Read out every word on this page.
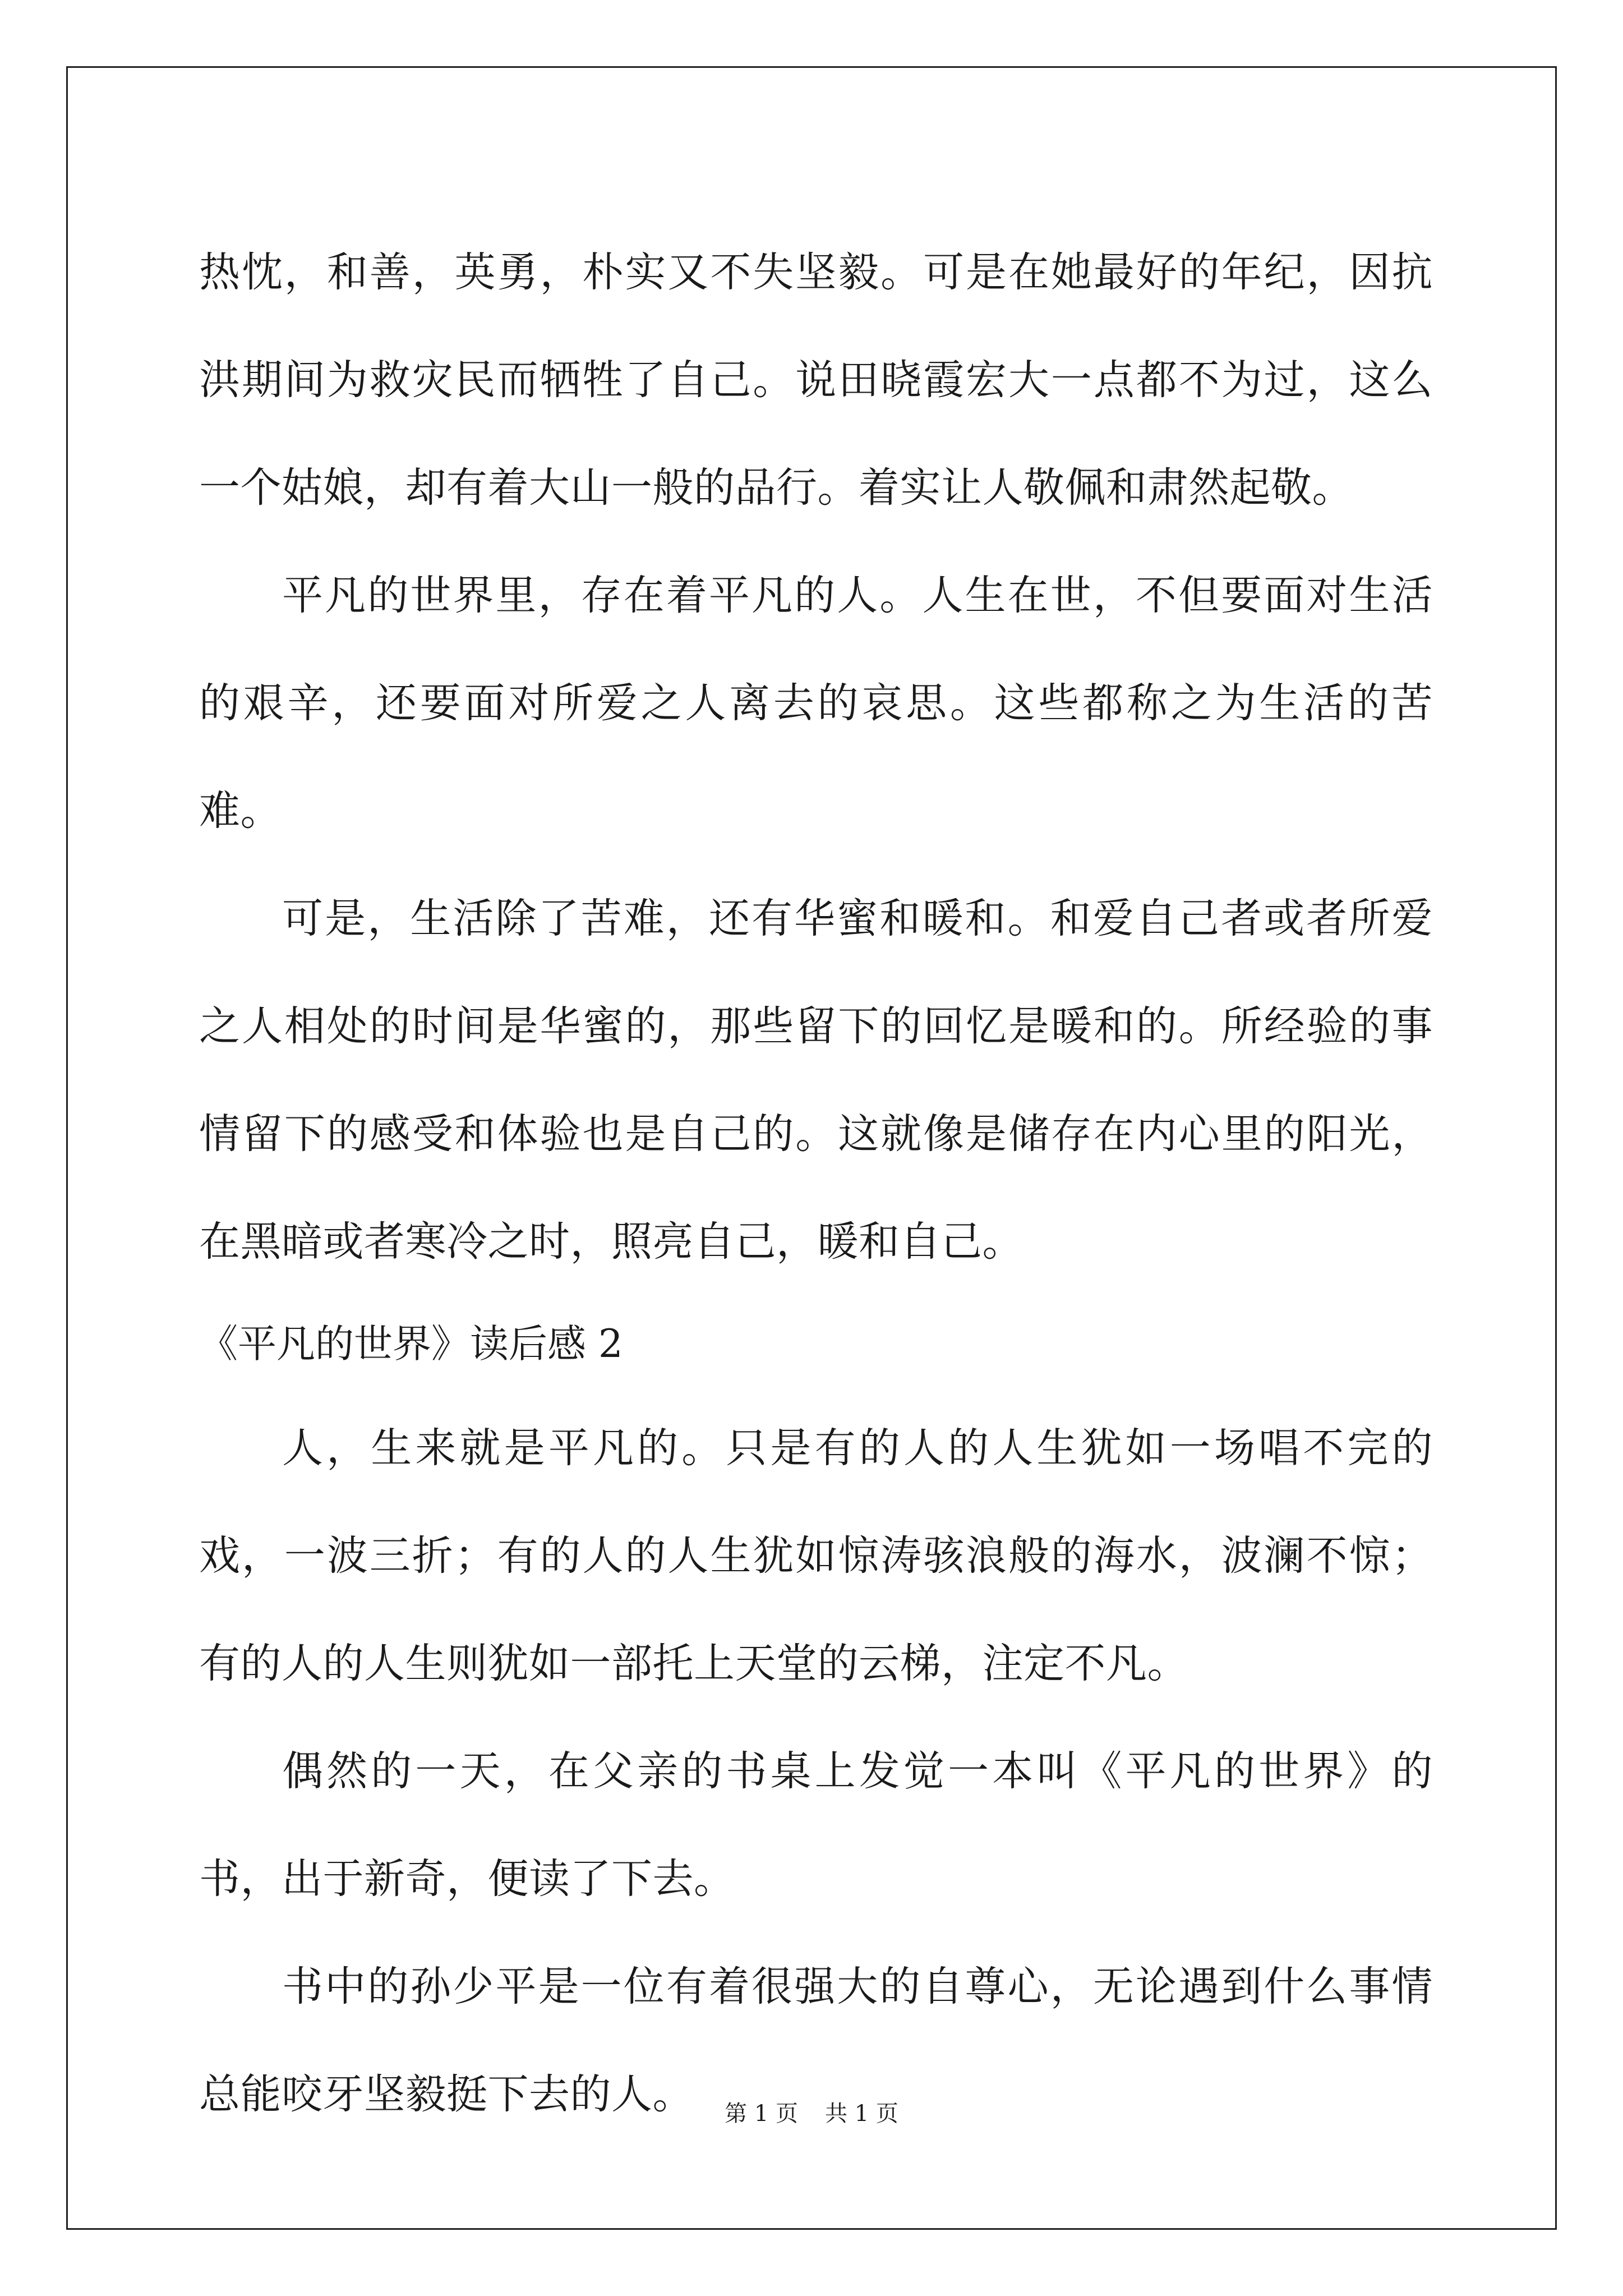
热忱，和善，英勇，朴实又不失坚毅。可是在她最好的年纪，因抗洪期间为救灾民而牺牲了自己。说田晓霞宏大一点都不为过，这么一个姑娘，却有着大山一般的品行。着实让人敬佩和肃然起敬。

平凡的世界里，存在着平凡的人。人生在世，不但要面对生活的艰辛，还要面对所爱之人离去的哀思。这些都称之为生活的苦难。

可是，生活除了苦难，还有华蜜和暖和。和爱自己者或者所爱之人相处的时间是华蜜的，那些留下的回忆是暖和的。所经验的事情留下的感受和体验也是自己的。这就像是储存在内心里的阳光，在黑暗或者寒冷之时，照亮自己，暖和自己。

《平凡的世界》读后感 2

人，生来就是平凡的。只是有的人的人生犹如一场唱不完的戏，一波三折；有的人的人生犹如惊涛骇浪般的海水，波澜不惊；有的人的人生则犹如一部托上天堂的云梯，注定不凡。

偶然的一天，在父亲的书桌上发觉一本叫《平凡的世界》的书，出于新奇，便读了下去。

书中的孙少平是一位有着很强大的自尊心，无论遇到什么事情总能咬牙坚毅挺下去的人。	第 1 页 共 1 页
